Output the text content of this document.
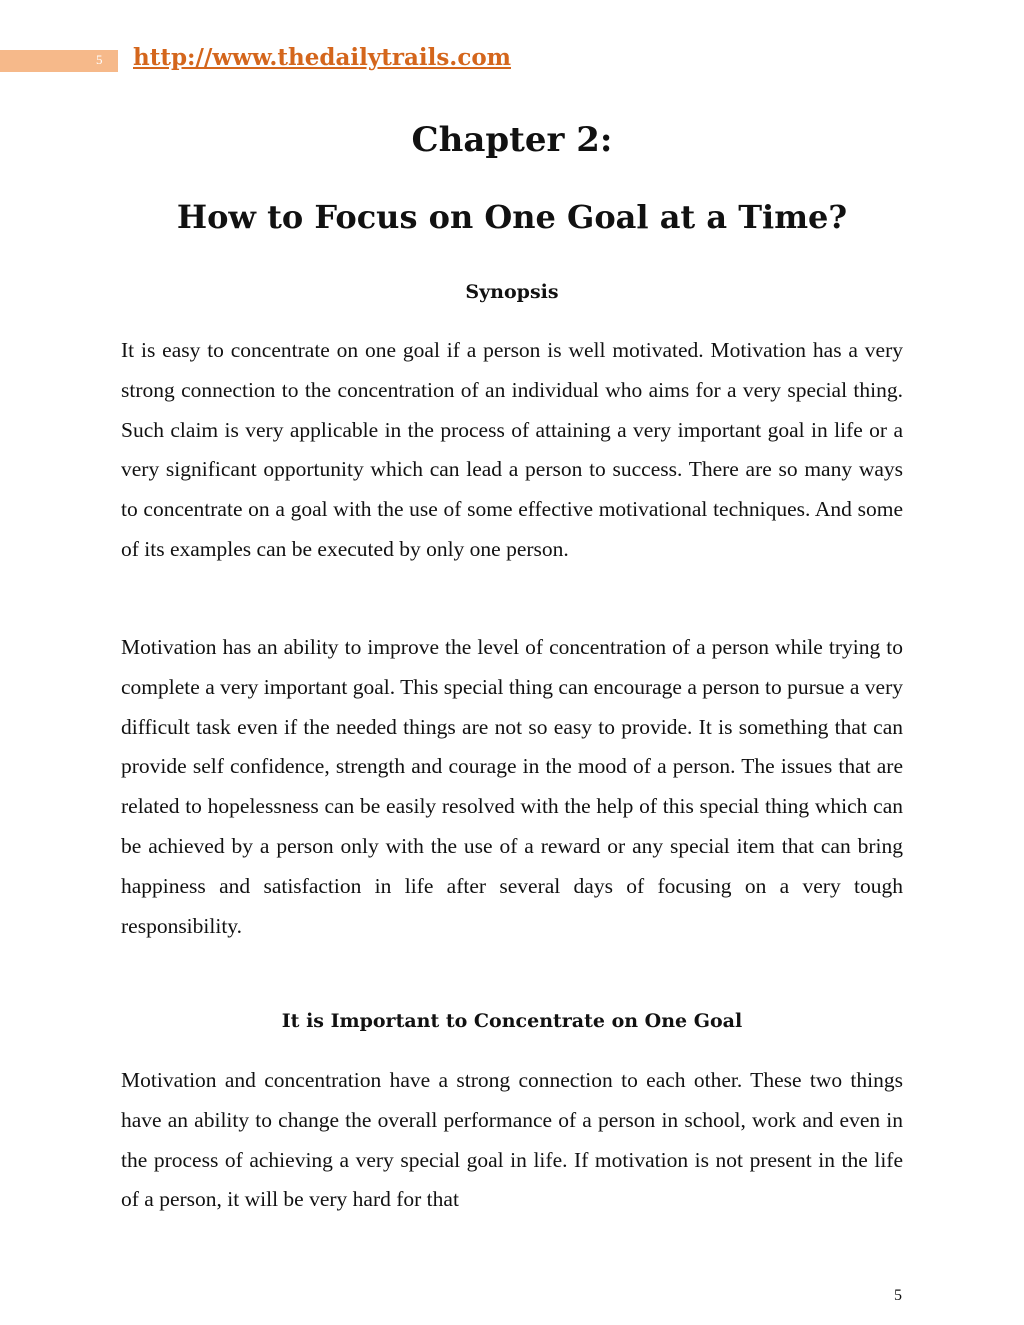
5 http://www.thedailytrails.com
Chapter 2:
How to Focus on One Goal at a Time?
Synopsis

It is easy to concentrate on one goal if a person is well motivated. Motivation has a very strong connection to the concentration of an individual who aims for a very special thing. Such claim is very applicable in the process of attaining a very important goal in life or a very significant opportunity which can lead a person to success. There are so many ways to concentrate on a goal with the use of some effective motivational techniques. And some of its examples can be executed by only one person.

Motivation has an ability to improve the level of concentration of a person while trying to complete a very important goal. This special thing can encourage a person to pursue a very difficult task even if the needed things are not so easy to provide. It is something that can provide self confidence, strength and courage in the mood of a person. The issues that are related to hopelessness can be easily resolved with the help of this special thing which can be achieved by a person only with the use of a reward or any special item that can bring happiness and satisfaction in life after several days of focusing on a very tough responsibility.

It is Important to Concentrate on One Goal

Motivation and concentration have a strong connection to each other. These two things have an ability to change the overall performance of a person in school, work and even in the process of achieving a very special goal in life. If motivation is not present in the life of a person, it will be very hard for that

5
